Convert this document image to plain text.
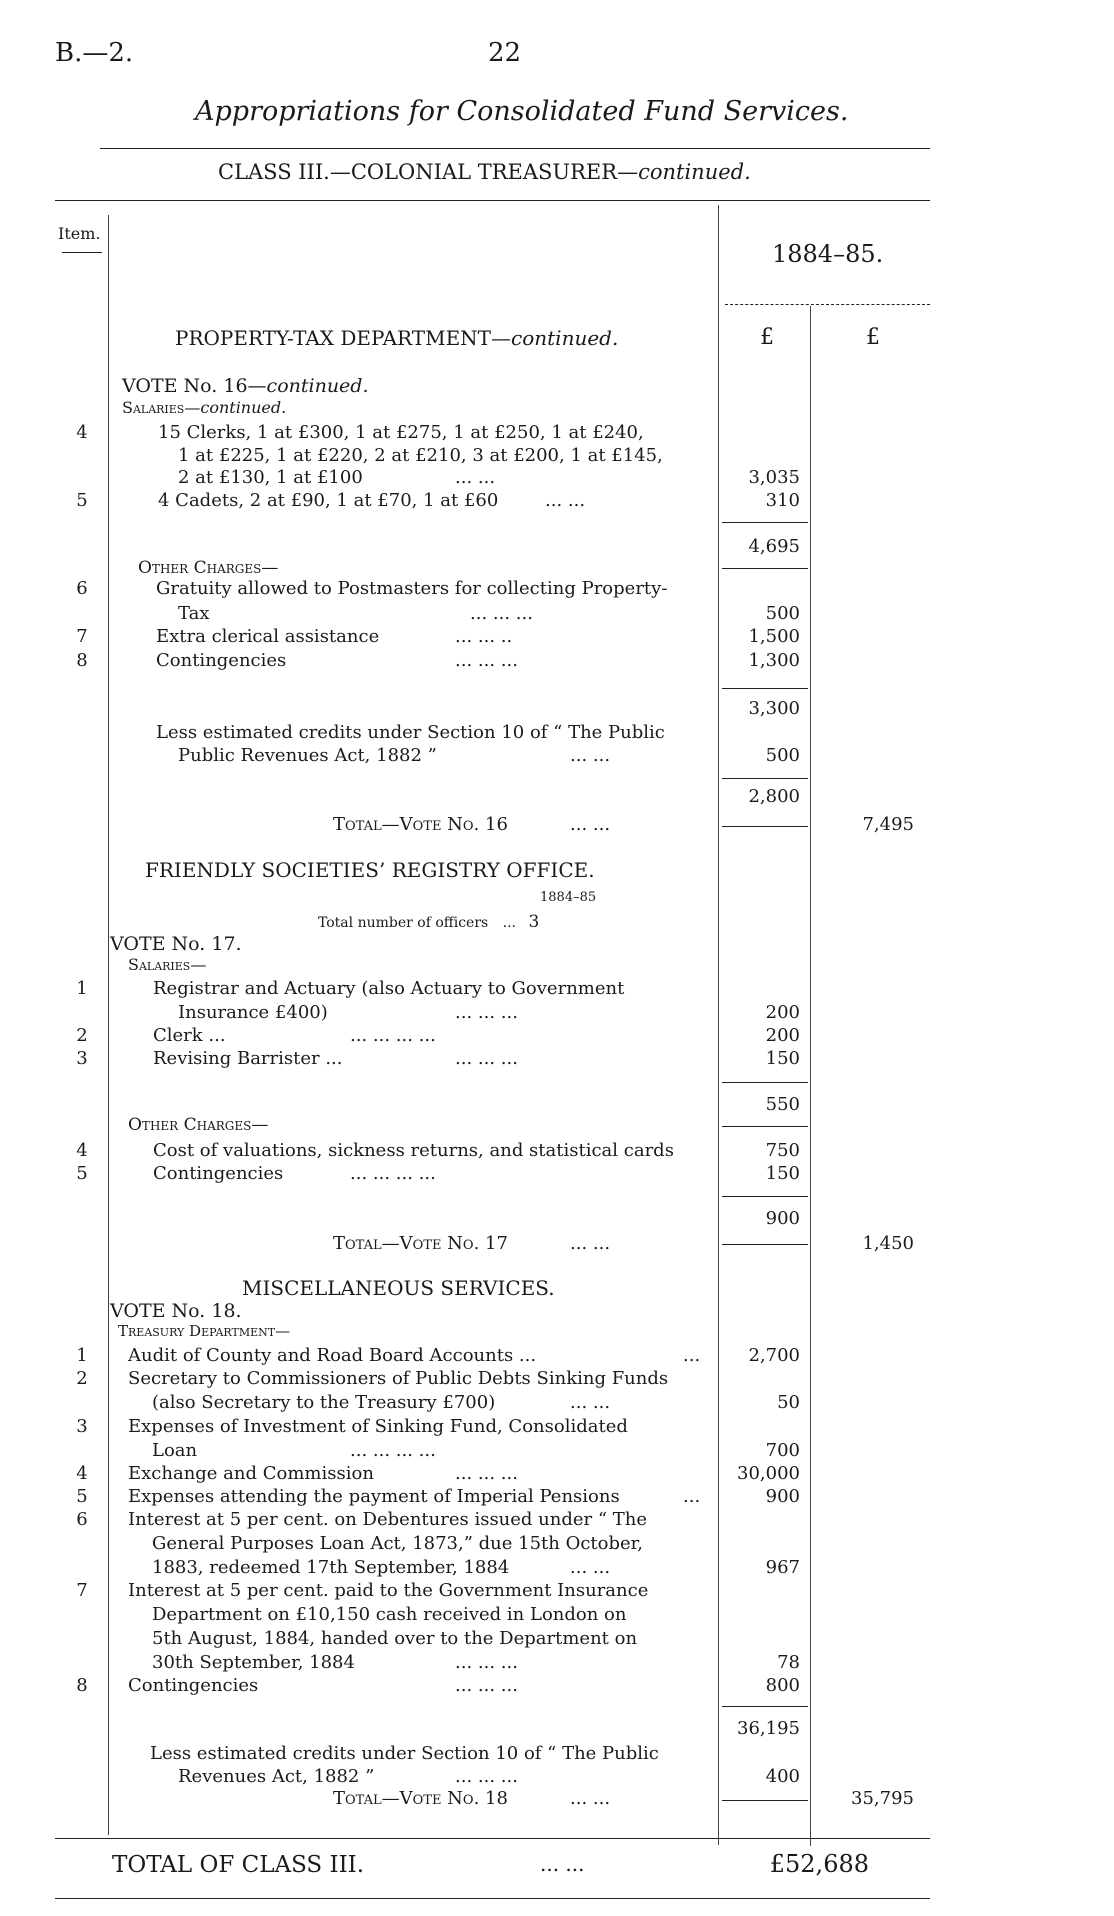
B.—2.	22
Appropriations for Consolidated Fund Services.
CLASS III.—COLONIAL TREASURER—continued.
Item.
1884–85.
£	£
PROPERTY-TAX DEPARTMENT—continued.
VOTE No. 16—continued.
Salaries—continued.
4	15 Clerks, 1 at £300, 1 at £275, 1 at £250, 1 at £240,
1 at £225, 1 at £220, 2 at £210, 3 at £200, 1 at £145,
2 at £130, 1 at £100	... ...	3,035
5	4 Cadets, 2 at £90, 1 at £70, 1 at £60	... ...	310
4,695
Other Charges—
6	Gratuity allowed to Postmasters for collecting Property-
Tax	... ... ...	500
7	Extra clerical assistance	... ... ..	1,500
8	Contingencies	... ... ...	1,300
3,300
Less estimated credits under Section 10 of “ The Public
Public Revenues Act, 1882 ”	... ...	500
2,800
Total—Vote No. 16	... ...	7,495
FRIENDLY SOCIETIES’ REGISTRY OFFICE.
1884–85
Total number of officers ... 3
VOTE No. 17.
Salaries—
1	Registrar and Actuary (also Actuary to Government
Insurance £400)	... ... ...	200
2	Clerk ...	... ... ... ...	200
3	Revising Barrister ...	... ... ...	150
550
Other Charges—
4	Cost of valuations, sickness returns, and statistical cards	750
5	Contingencies	... ... ... ...	150
900
Total—Vote No. 17	... ...	1,450
MISCELLANEOUS SERVICES.
VOTE No. 18.
Treasury Department—
1	Audit of County and Road Board Accounts ...	...	2,700
2	Secretary to Commissioners of Public Debts Sinking Funds
(also Secretary to the Treasury £700)	... ...	50
3	Expenses of Investment of Sinking Fund, Consolidated
Loan	... ... ... ...	700
4	Exchange and Commission	... ... ...	30,000
5	Expenses attending the payment of Imperial Pensions	...	900
6	Interest at 5 per cent. on Debentures issued under “ The
General Purposes Loan Act, 1873,” due 15th October,
1883, redeemed 17th September, 1884	... ...	967
7	Interest at 5 per cent. paid to the Government Insurance
Department on £10,150 cash received in London on
5th August, 1884, handed over to the Department on
30th September, 1884	... ... ...	78
8	Contingencies	... ... ...	800
36,195
Less estimated credits under Section 10 of “ The Public
Revenues Act, 1882 ”	... ... ...	400
Total—Vote No. 18	... ...	35,795
TOTAL OF CLASS III.	... ...	£52,688
